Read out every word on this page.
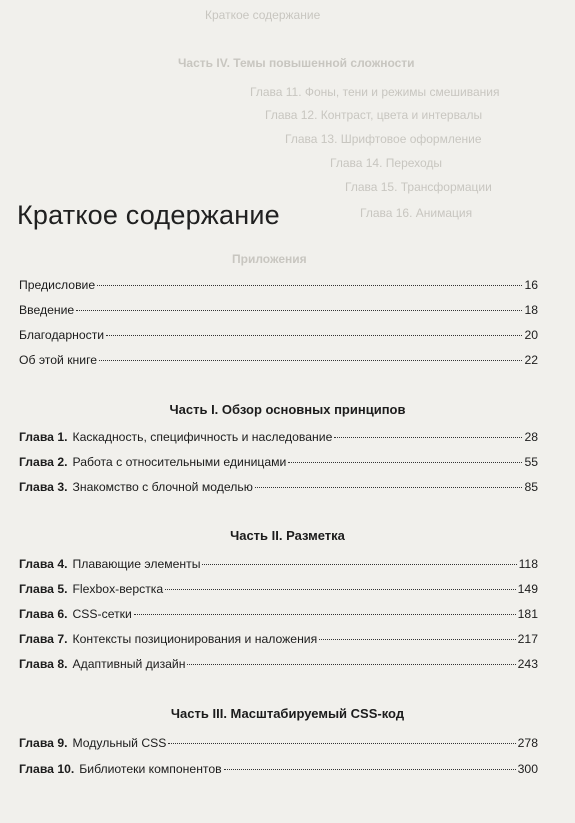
Краткое содержание
Часть IV. Темы повышенной сложности
Глава 11. Фоны, тени и режимы смешивания
Глава 12. Контраст, цвета и интервалы
Глава 13. Шрифтовое оформление
Глава 14. Переходы
Глава 15. Трансформации
Глава 16. Анимация
Приложения
Краткое содержание
Предисловие	16
Введение	18
Благодарности	20
Об этой книге	22
Часть I. Обзор основных принципов
Глава 1. Каскадность, специфичность и наследование	28
Глава 2. Работа с относительными единицами	55
Глава 3. Знакомство с блочной моделью	85
Часть II. Разметка
Глава 4. Плавающие элементы	118
Глава 5. Flexbox-верстка	149
Глава 6. CSS-сетки	181
Глава 7. Контексты позиционирования и наложения	217
Глава 8. Адаптивный дизайн	243
Часть III. Масштабируемый CSS-код
Глава 9. Модульный CSS	278
Глава 10. Библиотеки компонентов	300
